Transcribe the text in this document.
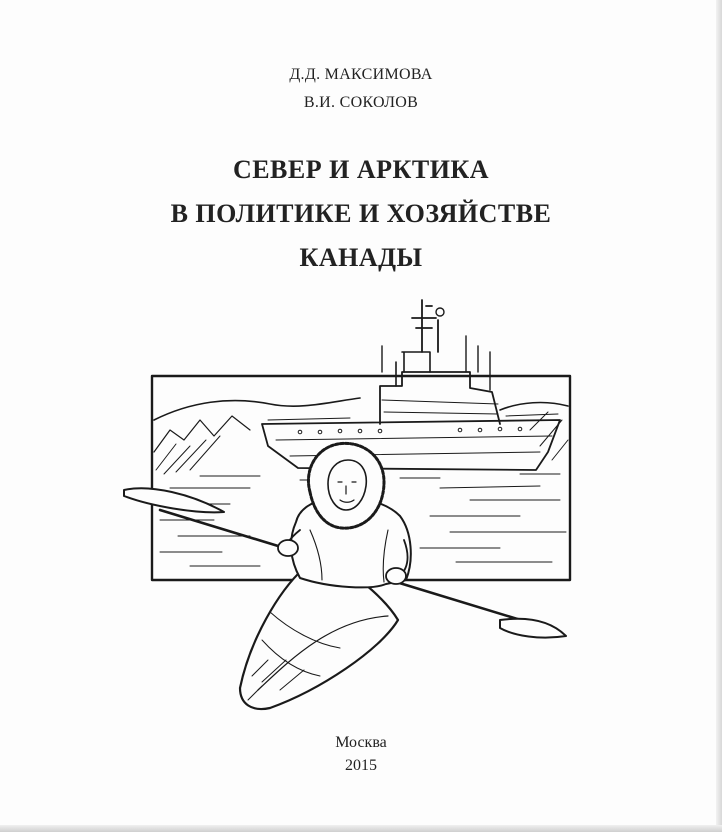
Д.Д. МАКСИМОВА
В.И. СОКОЛОВ
СЕВЕР И АРКТИКА
В ПОЛИТИКЕ И ХОЗЯЙСТВЕ
КАНАДЫ
Москва
2015
